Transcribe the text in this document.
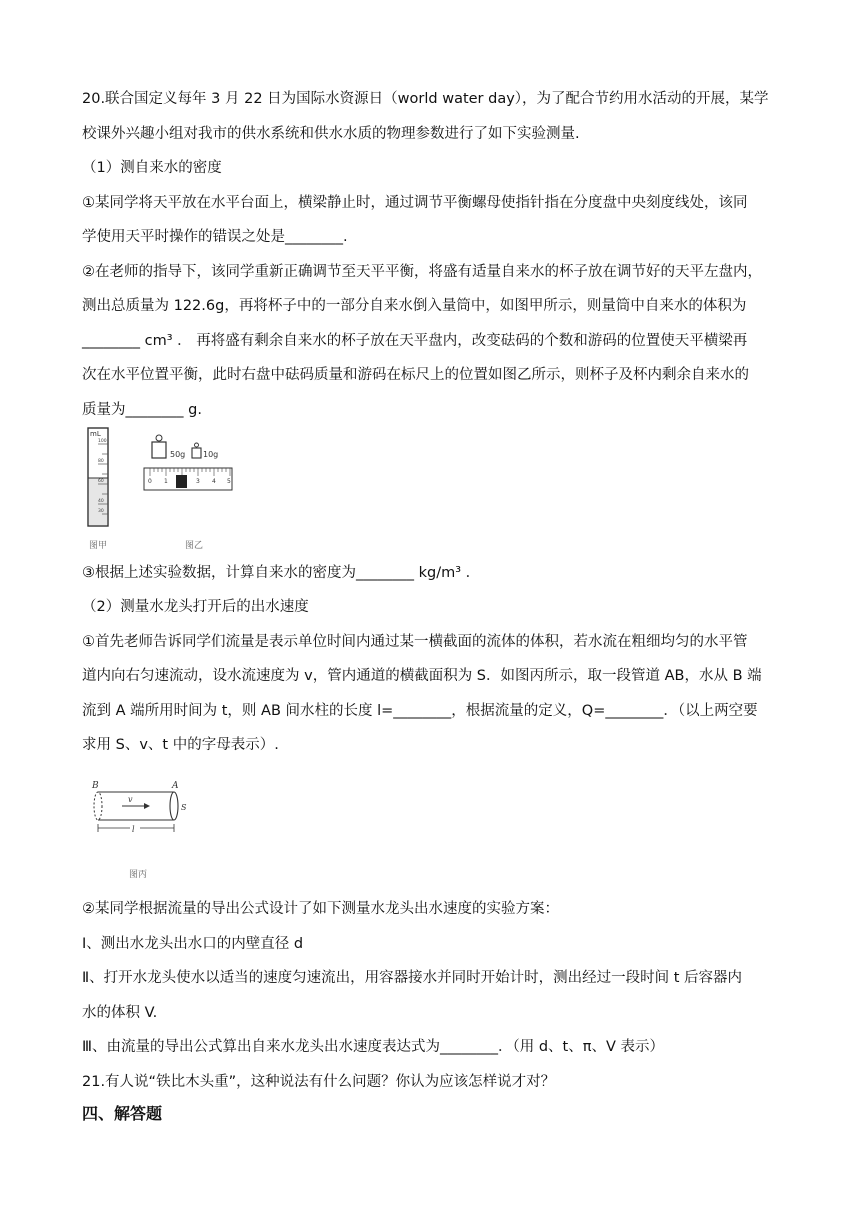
20.联合国定义每年 3 月 22 日为国际水资源日（world water day），为了配合节约用水活动的开展，某学
校课外兴趣小组对我市的供水系统和供水水质的物理参数进行了如下实验测量.
（1）测自来水的密度
①某同学将天平放在水平台面上，横梁静止时，通过调节平衡螺母使指针指在分度盘中央刻度线处，该同
学使用天平时操作的错误之处是________.
②在老师的指导下，该同学重新正确调节至天平平衡，将盛有适量自来水的杯子放在调节好的天平左盘内，
测出总质量为 122.6g，再将杯子中的一部分自来水倒入量筒中，如图甲所示，则量筒中自来水的体积为
________ cm³ ． 再将盛有剩余自来水的杯子放在天平盘内，改变砝码的个数和游码的位置使天平横梁再
次在水平位置平衡，此时右盘中砝码质量和游码在标尺上的位置如图乙所示，则杯子及杯内剩余自来水的
质量为________ g.
mL
100
80
60
40
30
图甲
50g 10g
0 1	3 4 5
图乙
③根据上述实验数据，计算自来水的密度为________ kg/m³ ．
（2）测量水龙头打开后的出水速度
①首先老师告诉同学们流量是表示单位时间内通过某一横截面的流体的体积，若水流在粗细均匀的水平管
道内向右匀速流动，设水流速度为 v，管内通道的横截面积为 S．如图丙所示，取一段管道 AB，水从 B 端
流到 A 端所用时间为 t，则 AB 间水柱的长度 l=________，根据流量的定义，Q=________．（以上两空要
求用 S、v、t 中的字母表示）.
B	A
v
S
l
图丙
②某同学根据流量的导出公式设计了如下测量水龙头出水速度的实验方案：
Ⅰ、测出水龙头出水口的内壁直径 d
Ⅱ、打开水龙头使水以适当的速度匀速流出，用容器接水并同时开始计时，测出经过一段时间 t 后容器内
水的体积 V.
Ⅲ、由流量的导出公式算出自来水龙头出水速度表达式为________．（用 d、t、π、V 表示）
21.有人说“铁比木头重”，这种说法有什么问题？你认为应该怎样说才对？
四、解答题
